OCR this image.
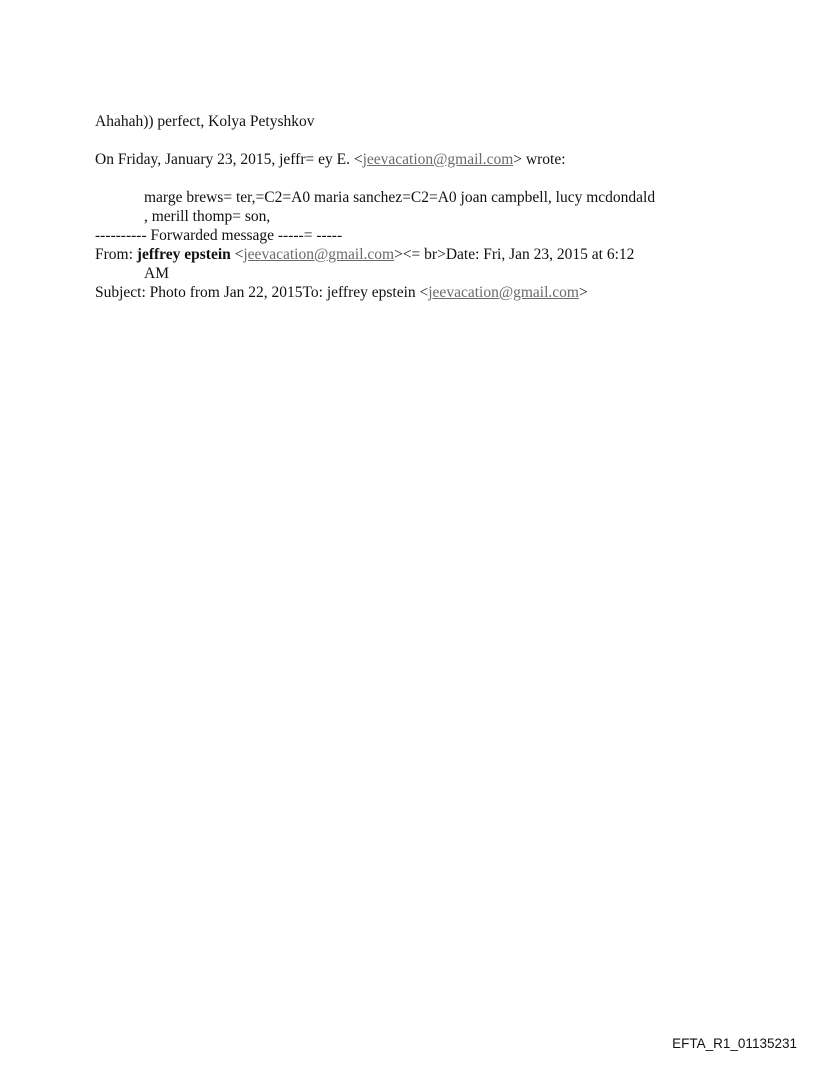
Ahahah)) perfect, Kolya Petyshkov
On Friday, January 23, 2015, jeffr= ey E. <jeevacation@gmail.com> wrote:
marge brews= ter,=C2=A0 maria sanchez=C2=A0 joan campbell, lucy mcdondald
, merill thomp= son,
---------- Forwarded message -----= -----
From: jeffrey epstein <jeevacation@gmail.com><= br>Date: Fri, Jan 23, 2015 at 6:12
AM
Subject: Photo from Jan 22, 2015To: jeffrey epstein <jeevacation@gmail.com>
EFTA_R1_01135231
